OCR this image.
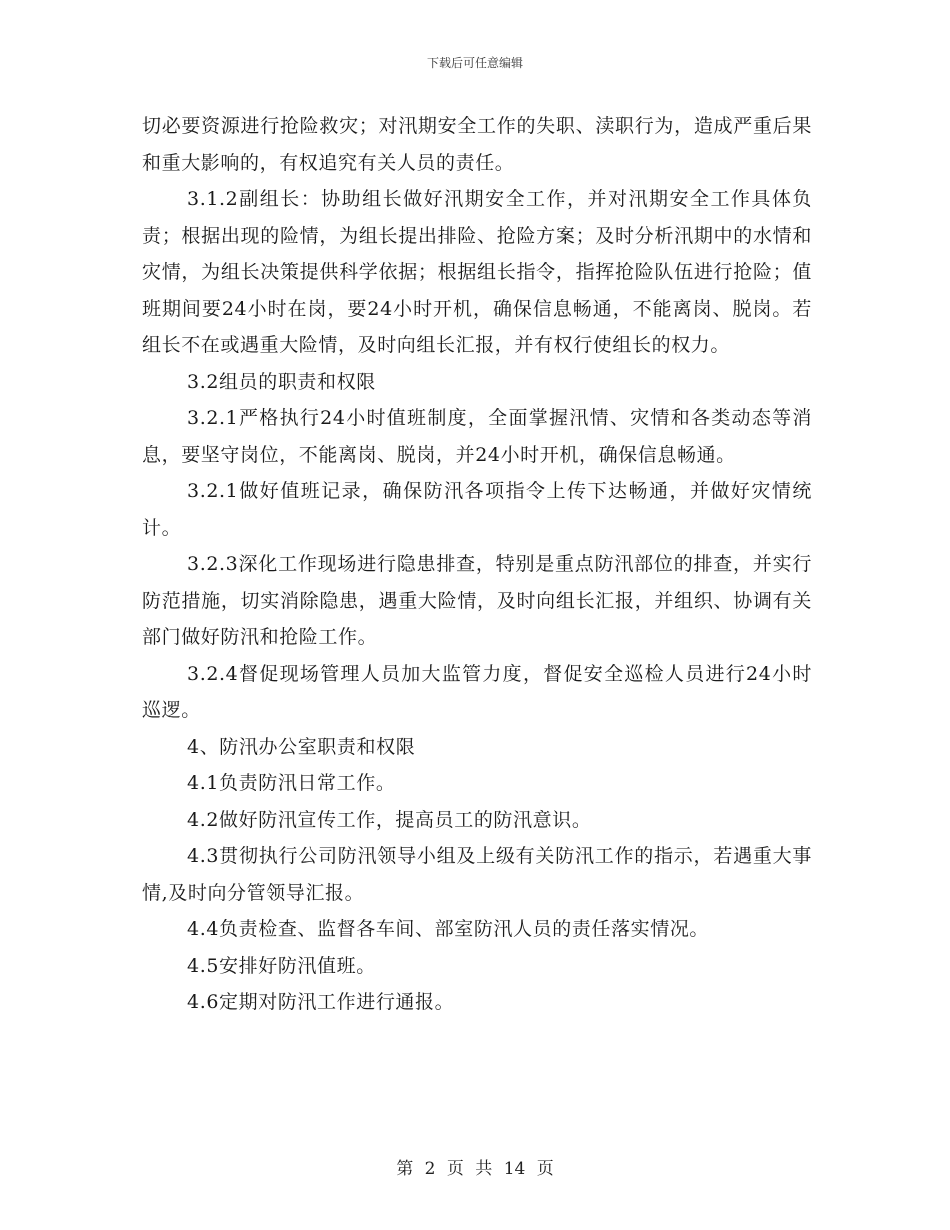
下载后可任意编辑

切必要资源进行抢险救灾；对汛期安全工作的失职、渎职行为，造成严重后果和重大影响的，有权追究有关人员的责任。

3.1.2副组长：协助组长做好汛期安全工作，并对汛期安全工作具体负责；根据出现的险情，为组长提出排险、抢险方案；及时分析汛期中的水情和灾情，为组长决策提供科学依据；根据组长指令，指挥抢险队伍进行抢险；值班期间要24小时在岗，要24小时开机，确保信息畅通，不能离岗、脱岗。若组长不在或遇重大险情，及时向组长汇报，并有权行使组长的权力。

3.2组员的职责和权限

3.2.1严格执行24小时值班制度，全面掌握汛情、灾情和各类动态等消息，要坚守岗位，不能离岗、脱岗，并24小时开机，确保信息畅通。

3.2.1做好值班记录，确保防汛各项指令上传下达畅通，并做好灾情统计。

3.2.3深化工作现场进行隐患排查，特别是重点防汛部位的排查，并实行防范措施，切实消除隐患，遇重大险情，及时向组长汇报，并组织、协调有关部门做好防汛和抢险工作。

3.2.4督促现场管理人员加大监管力度，督促安全巡检人员进行24小时巡逻。

4、防汛办公室职责和权限

4.1负责防汛日常工作。

4.2做好防汛宣传工作，提高员工的防汛意识。

4.3贯彻执行公司防汛领导小组及上级有关防汛工作的指示，若遇重大事情,及时向分管领导汇报。

4.4负责检查、监督各车间、部室防汛人员的责任落实情况。

4.5安排好防汛值班。

4.6定期对防汛工作进行通报。

第 2 页 共 14 页
